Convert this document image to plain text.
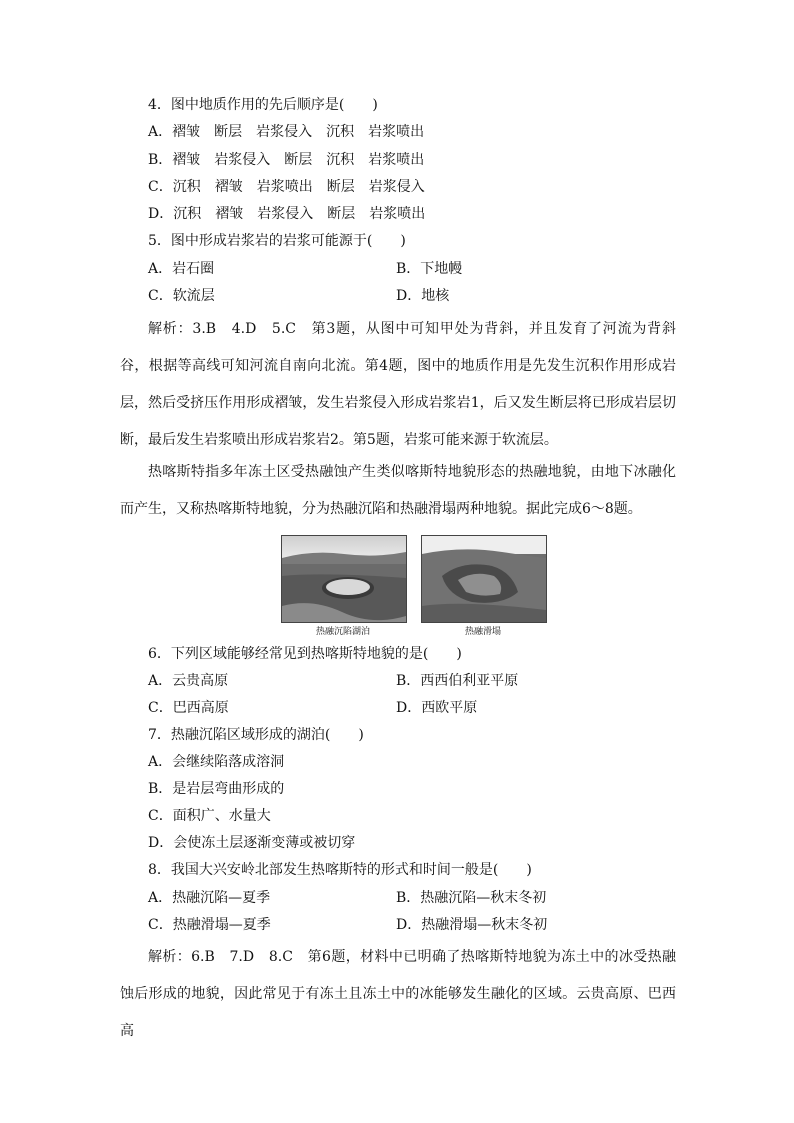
4．图中地质作用的先后顺序是(　　)
A．褶皱　断层　岩浆侵入　沉积　岩浆喷出
B．褶皱　岩浆侵入　断层　沉积　岩浆喷出
C．沉积　褶皱　岩浆喷出　断层　岩浆侵入
D．沉积　褶皱　岩浆侵入　断层　岩浆喷出
5．图中形成岩浆岩的岩浆可能源于(　　)
A．岩石圈	B．下地幔
C．软流层	D．地核
解析：3.B　4.D　5.C　第3题，从图中可知甲处为背斜，并且发育了河流为背斜谷，根据等高线可知河流自南向北流。第4题，图中的地质作用是先发生沉积作用形成岩层，然后受挤压作用形成褶皱，发生岩浆侵入形成岩浆岩1，后又发生断层将已形成岩层切断，最后发生岩浆喷出形成岩浆岩2。第5题，岩浆可能来源于软流层。
热喀斯特指多年冻土区受热融蚀产生类似喀斯特地貌形态的热融地貌，由地下冰融化而产生，又称热喀斯特地貌，分为热融沉陷和热融滑塌两种地貌。据此完成6～8题。
热融沉陷湖泊	热融滑塌
6．下列区域能够经常见到热喀斯特地貌的是(　　)
A．云贵高原	B．西西伯利亚平原
C．巴西高原	D．西欧平原
7．热融沉陷区域形成的湖泊(　　)
A．会继续陷落成溶洞
B．是岩层弯曲形成的
C．面积广、水量大
D．会使冻土层逐渐变薄或被切穿
8．我国大兴安岭北部发生热喀斯特的形式和时间一般是(　　)
A．热融沉陷—夏季	B．热融沉陷—秋末冬初
C．热融滑塌—夏季	D．热融滑塌—秋末冬初
解析：6.B　7.D　8.C　第6题，材料中已明确了热喀斯特地貌为冻土中的冰受热融蚀后形成的地貌，因此常见于有冻土且冻土中的冰能够发生融化的区域。云贵高原、巴西高
